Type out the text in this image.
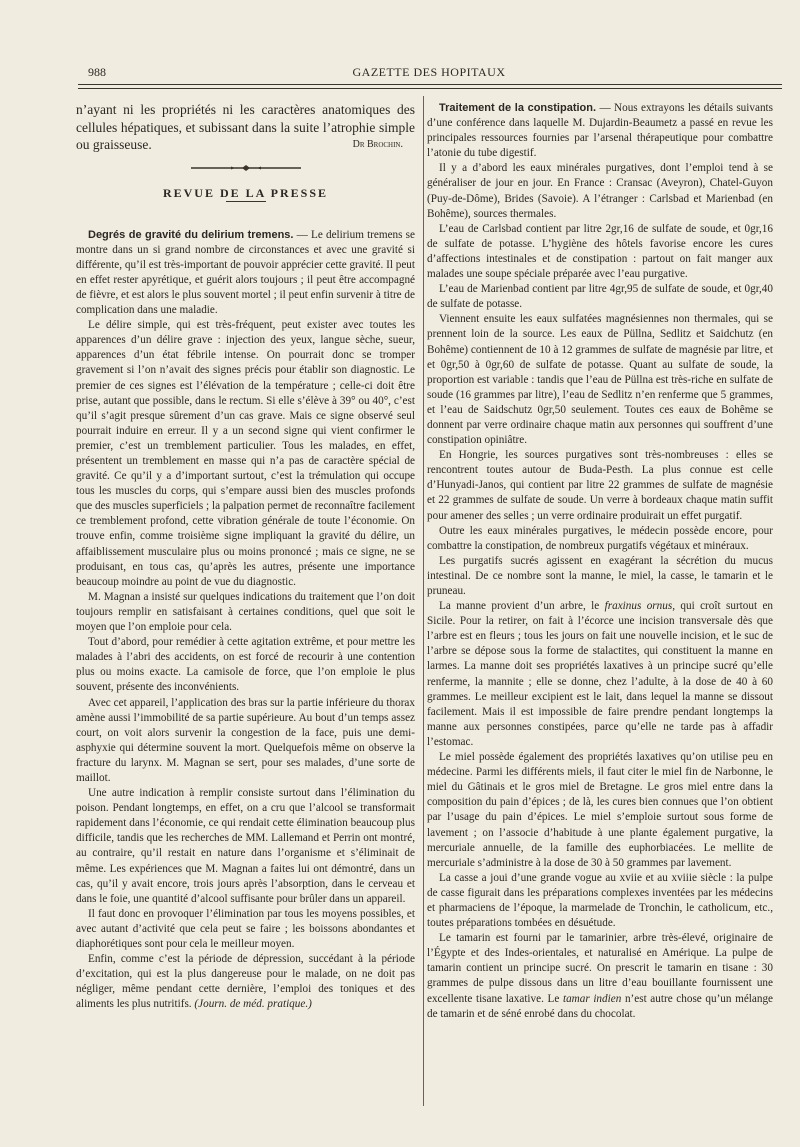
988	GAZETTE DES HOPITAUX

n’ayant ni les propriétés ni les caractères anatomiques des cellules hépatiques, et subissant dans la suite l’atrophie simple ou graisseuse.	Dr Brochin.

REVUE DE LA PRESSE

Degrés de gravité du delirium tremens. — Le delirium tremens se montre dans un si grand nombre de circonstances et avec une gravité si différente, qu’il est très-important de pouvoir apprécier cette gravité. Il peut en effet rester apyrétique, et guérit alors toujours ; il peut être accompagné de fièvre, et est alors le plus souvent mortel ; il peut enfin survenir à titre de complication dans une maladie.

Le délire simple, qui est très-fréquent, peut exister avec toutes les apparences d’un délire grave : injection des yeux, langue sèche, sueur, apparences d’un état fébrile intense. On pourrait donc se tromper gravement si l’on n’avait des signes précis pour établir son diagnostic. Le premier de ces signes est l’élévation de la température ; celle-ci doit être prise, autant que possible, dans le rectum. Si elle s’élève à 39° ou 40°, c’est qu’il s’agit presque sûrement d’un cas grave. Mais ce signe observé seul pourrait induire en erreur. Il y a un second signe qui vient confirmer le premier, c’est un tremblement particulier. Tous les malades, en effet, présentent un tremblement en masse qui n’a pas de caractère spécial de gravité. Ce qu’il y a d’important surtout, c’est la trémulation qui occupe tous les muscles du corps, qui s’empare aussi bien des muscles profonds que des muscles superficiels ; la palpation permet de reconnaître facilement ce tremblement profond, cette vibration générale de toute l’économie. On trouve enfin, comme troisième signe impliquant la gravité du délire, un affaiblissement musculaire plus ou moins prononcé ; mais ce signe, ne se produisant, en tous cas, qu’après les autres, présente une importance beaucoup moindre au point de vue du diagnostic.

M. Magnan a insisté sur quelques indications du traitement que l’on doit toujours remplir en satisfaisant à certaines conditions, quel que soit le moyen que l’on emploie pour cela.

Tout d’abord, pour remédier à cette agitation extrême, et pour mettre les malades à l’abri des accidents, on est forcé de recourir à une contention plus ou moins exacte. La camisole de force, que l’on emploie le plus souvent, présente des inconvénients.

Avec cet appareil, l’application des bras sur la partie inférieure du thorax amène aussi l’immobilité de sa partie supérieure. Au bout d’un temps assez court, on voit alors survenir la congestion de la face, puis une demi-asphyxie qui détermine souvent la mort. Quelquefois même on observe la fracture du larynx. M. Magnan se sert, pour ses malades, d’une sorte de maillot.

Une autre indication à remplir consiste surtout dans l’élimination du poison. Pendant longtemps, en effet, on a cru que l’alcool se transformait rapidement dans l’économie, ce qui rendait cette élimination beaucoup plus difficile, tandis que les recherches de MM. Lallemand et Perrin ont montré, au contraire, qu’il restait en nature dans l’organisme et s’éliminait de même. Les expériences que M. Magnan a faites lui ont démontré, dans un cas, qu’il y avait encore, trois jours après l’absorption, dans le cerveau et dans le foie, une quantité d’alcool suffisante pour brûler dans un appareil.

Il faut donc en provoquer l’élimination par tous les moyens possibles, et avec autant d’activité que cela peut se faire ; les boissons abondantes et diaphorétiques sont pour cela le meilleur moyen.

Enfin, comme c’est la période de dépression, succédant à la période d’excitation, qui est la plus dangereuse pour le malade, on ne doit pas négliger, même pendant cette dernière, l’emploi des toniques et des aliments les plus nutritifs. (Journ. de méd. pratique.)

Traitement de la constipation. — Nous extrayons les détails suivants d’une conférence dans laquelle M. Dujardin-Beaumetz a passé en revue les principales ressources fournies par l’arsenal thérapeutique pour combattre l’atonie du tube digestif.

Il y a d’abord les eaux minérales purgatives, dont l’emploi tend à se généraliser de jour en jour. En France : Cransac (Aveyron), Chatel-Guyon (Puy-de-Dôme), Brides (Savoie). A l’étranger : Carlsbad et Marienbad (en Bohême), sources thermales.

L’eau de Carlsbad contient par litre 2gr,16 de sulfate de soude, et 0gr,16 de sulfate de potasse. L’hygiène des hôtels favorise encore les cures d’affections intestinales et de constipation : partout on fait manger aux malades une soupe spéciale préparée avec l’eau purgative.

L’eau de Marienbad contient par litre 4gr,95 de sulfate de soude, et 0gr,40 de sulfate de potasse.

Viennent ensuite les eaux sulfatées magnésiennes non thermales, qui se prennent loin de la source. Les eaux de Püllna, Sedlitz et Saidchutz (en Bohême) contiennent de 10 à 12 grammes de sulfate de magnésie par litre, et et 0gr,50 à 0gr,60 de sulfate de potasse. Quant au sulfate de soude, la proportion est variable : tandis que l’eau de Püllna est très-riche en sulfate de soude (16 grammes par litre), l’eau de Sedlitz n’en renferme que 5 grammes, et l’eau de Saidschutz 0gr,50 seulement. Toutes ces eaux de Bohême se donnent par verre ordinaire chaque matin aux personnes qui souffrent d’une constipation opiniâtre.

En Hongrie, les sources purgatives sont très-nombreuses : elles se rencontrent toutes autour de Buda-Pesth. La plus connue est celle d’Hunyadi-Janos, qui contient par litre 22 grammes de sulfate de magnésie et 22 grammes de sulfate de soude. Un verre à bordeaux chaque matin suffit pour amener des selles ; un verre ordinaire produirait un effet purgatif.

Outre les eaux minérales purgatives, le médecin possède encore, pour combattre la constipation, de nombreux purgatifs végétaux et minéraux.

Les purgatifs sucrés agissent en exagérant la sécrétion du mucus intestinal. De ce nombre sont la manne, le miel, la casse, le tamarin et le pruneau.

La manne provient d’un arbre, le fraxinus ornus, qui croît surtout en Sicile. Pour la retirer, on fait à l’écorce une incision transversale dès que l’arbre est en fleurs ; tous les jours on fait une nouvelle incision, et le suc de l’arbre se dépose sous la forme de stalactites, qui constituent la manne en larmes. La manne doit ses propriétés laxatives à un principe sucré qu’elle renferme, la mannite ; elle se donne, chez l’adulte, à la dose de 40 à 60 grammes. Le meilleur excipient est le lait, dans lequel la manne se dissout facilement. Mais il est impossible de faire prendre pendant longtemps la manne aux personnes constipées, parce qu’elle ne tarde pas à affadir l’estomac.

Le miel possède également des propriétés laxatives qu’on utilise peu en médecine. Parmi les différents miels, il faut citer le miel fin de Narbonne, le miel du Gâtinais et le gros miel de Bretagne. Le gros miel entre dans la composition du pain d’épices ; de là, les cures bien connues que l’on obtient par l’usage du pain d’épices. Le miel s’emploie surtout sous forme de lavement ; on l’associe d’habitude à une plante également purgative, la mercuriale annuelle, de la famille des euphorbiacées. Le mellite de mercuriale s’administre à la dose de 30 à 50 grammes par lavement.

La casse a joui d’une grande vogue au xviie et au xviiie siècle : la pulpe de casse figurait dans les préparations complexes inventées par les médecins et pharmaciens de l’époque, la marmelade de Tronchin, le catholicum, etc., toutes préparations tombées en désuétude.

Le tamarin est fourni par le tamarinier, arbre très-élevé, originaire de l’Égypte et des Indes-orientales, et naturalisé en Amérique. La pulpe de tamarin contient un principe sucré. On prescrit le tamarin en tisane : 30 grammes de pulpe dissous dans un litre d’eau bouillante fournissent une excellente tisane laxative. Le tamar indien n’est autre chose qu’un mélange de tamarin et de séné enrobé dans du chocolat.
